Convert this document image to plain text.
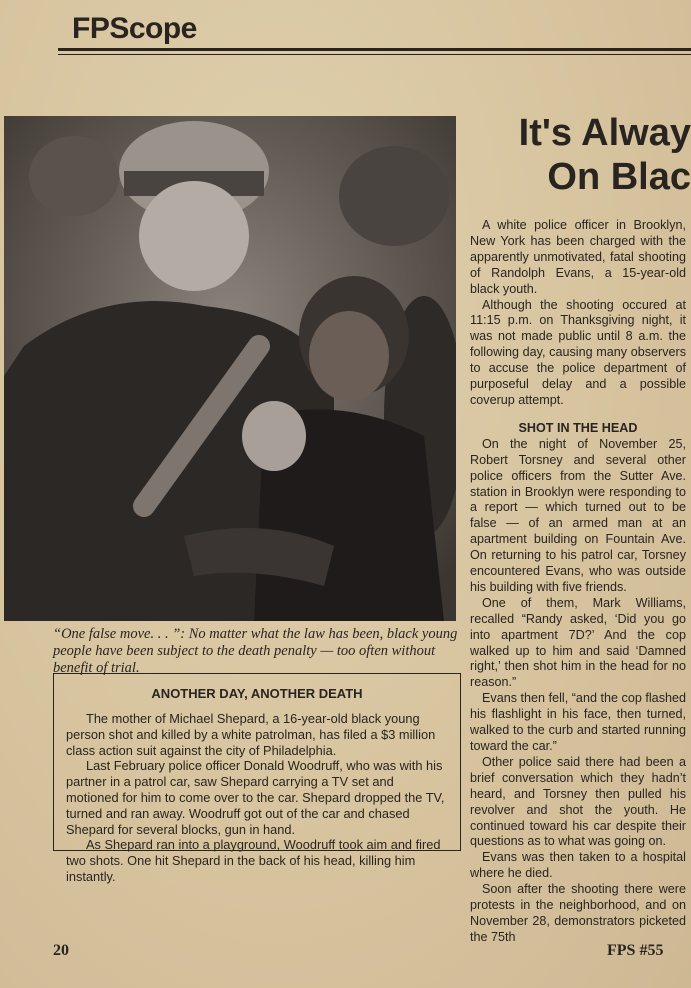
FPScope
“One false move. . . ”: No matter what the law has been, black young people have been subject to the death penalty — too often without benefit of trial.
It's Alway
On Blac

A white police officer in Brooklyn, New York has been charged with the apparently unmotivated, fatal shooting of Randolph Evans, a 15-year-old black youth.

Although the shooting occured at 11:15 p.m. on Thanksgiving night, it was not made public until 8 a.m. the following day, causing many observers to accuse the police department of purposeful delay and a possible coverup attempt.

SHOT IN THE HEAD

On the night of November 25, Robert Torsney and several other police officers from the Sutter Ave. station in Brooklyn were responding to a report — which turned out to be false — of an armed man at an apartment building on Fountain Ave. On returning to his patrol car, Torsney encountered Evans, who was outside his building with five friends.

One of them, Mark Williams, recalled “Randy asked, ‘Did you go into apartment 7D?’ And the cop walked up to him and said ‘Damned right,’ then shot him in the head for no reason.”

Evans then fell, “and the cop flashed his flashlight in his face, then turned, walked to the curb and started running toward the car.”

Other police said there had been a brief conversation which they hadn’t heard, and Torsney then pulled his revolver and shot the youth. He continued toward his car despite their questions as to what was going on.

Evans was then taken to a hospital where he died.

Soon after the shooting there were protests in the neighborhood, and on November 28, demonstrators picketed the 75th

ANOTHER DAY, ANOTHER DEATH

The mother of Michael Shepard, a 16-year-old black young person shot and killed by a white patrolman, has filed a $3 million class action suit against the city of Philadelphia.

Last February police officer Donald Woodruff, who was with his partner in a patrol car, saw Shepard carrying a TV set and motioned for him to come over to the car. Shepard dropped the TV, turned and ran away. Woodruff got out of the car and chased Shepard for several blocks, gun in hand.

As Shepard ran into a playground, Woodruff took aim and fired two shots. One hit Shepard in the back of his head, killing him instantly.

20	FPS #55
